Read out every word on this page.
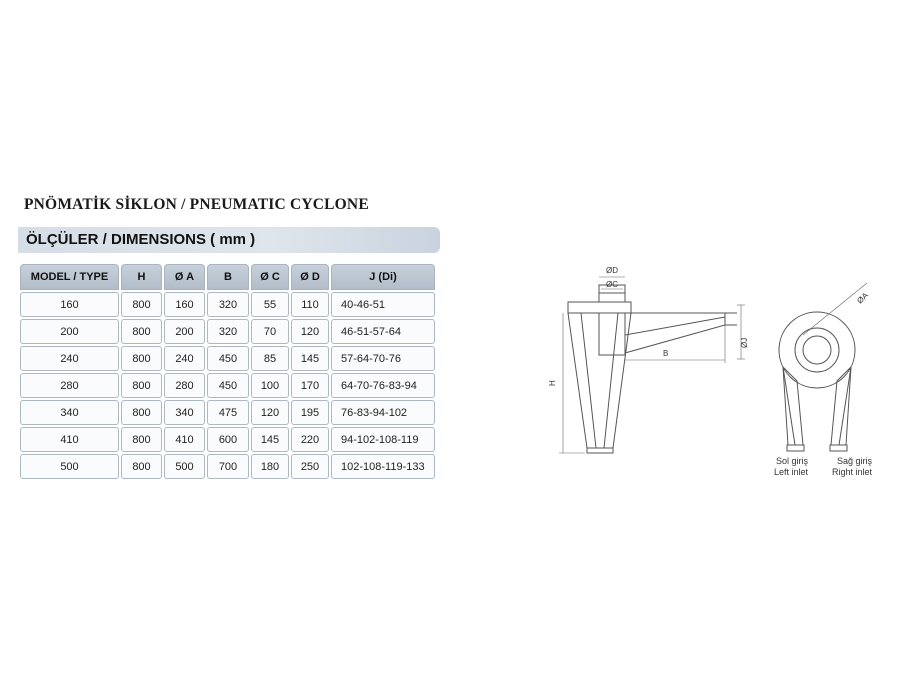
PNÖMATİK SİKLON / PNEUMATIC CYCLONE
ÖLÇÜLER / DIMENSIONS ( mm )
MODEL / TYPE	H	Ø A	B	Ø C	Ø D	J (Di)
160	800	160	320	55	110	40-46-51
200	800	200	320	70	120	46-51-57-64
240	800	240	450	85	145	57-64-70-76
280	800	280	450	100	170	64-70-76-83-94
340	800	340	475	120	195	76-83-94-102
410	800	410	600	145	220	94-102-108-119
500	800	500	700	180	250	102-108-119-133
ØD
ØC
H
B
ØJ
ØA
Sol giriş
Left inlet
Sağ giriş
Right inlet
